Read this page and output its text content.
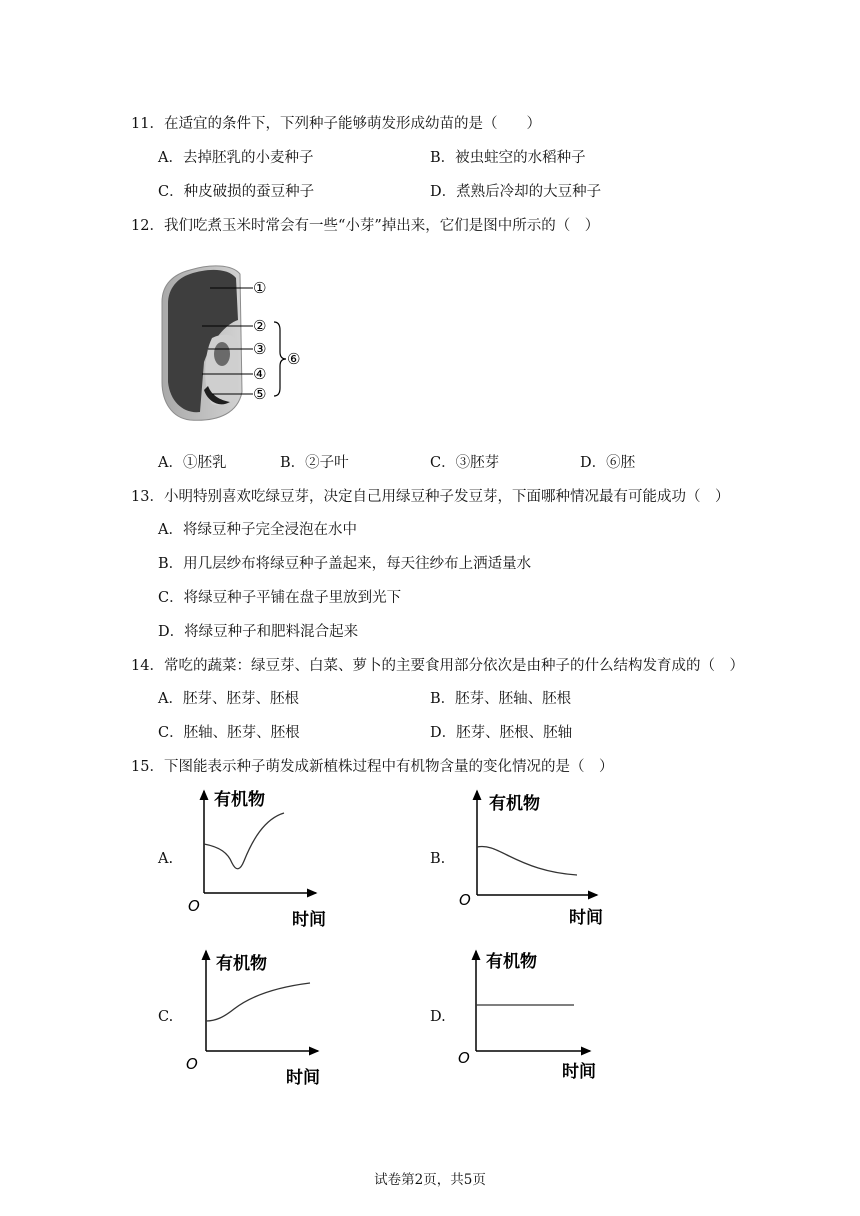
11．在适宜的条件下，下列种子能够萌发形成幼苗的是（　　）
A．去掉胚乳的小麦种子	B．被虫蛀空的水稻种子
C．种皮破损的蚕豆种子	D．煮熟后冷却的大豆种子
12．我们吃煮玉米时常会有一些“小芽”掉出来，它们是图中所示的（　）
①
②
③
④
⑤
⑥
A．①胚乳	B．②子叶	C．③胚芽	D．⑥胚
13．小明特别喜欢吃绿豆芽，决定自己用绿豆种子发豆芽，下面哪种情况最有可能成功（　）
A．将绿豆种子完全浸泡在水中
B．用几层纱布将绿豆种子盖起来，每天往纱布上洒适量水
C．将绿豆种子平铺在盘子里放到光下
D．将绿豆种子和肥料混合起来
14．常吃的蔬菜：绿豆芽、白菜、萝卜的主要食用部分依次是由种子的什么结构发育成的（　）
A．胚芽、胚芽、胚根	B．胚芽、胚轴、胚根
C．胚轴、胚芽、胚根	D．胚芽、胚根、胚轴
15．下图能表示种子萌发成新植株过程中有机物含量的变化情况的是（　）
A.	B.
C.	D.
有机物
O
时间
有机物
O
时间
有机物
O
时间
有机物
O
时间
试卷第2页，共5页
